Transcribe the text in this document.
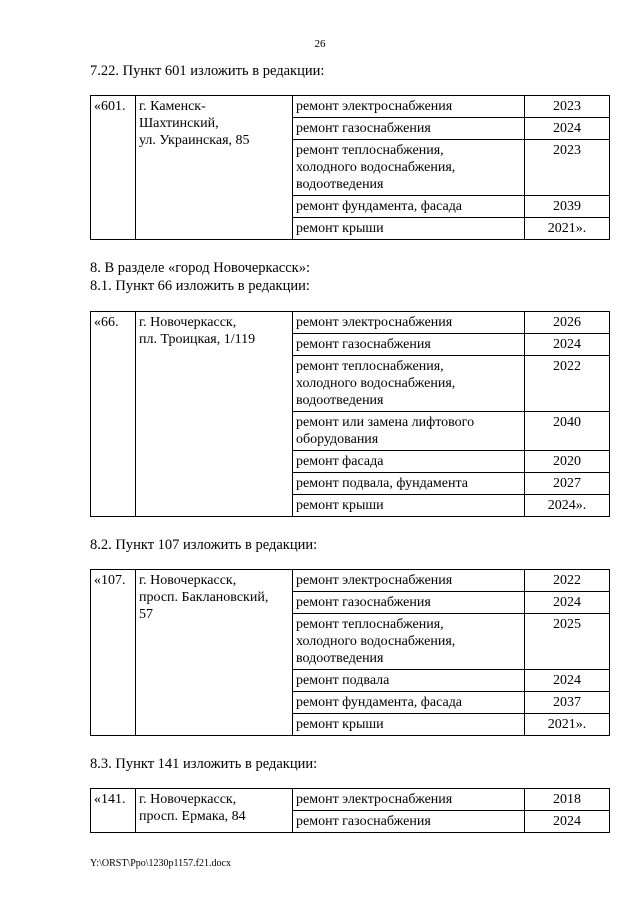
26
7.22. Пункт 601 изложить в редакции:
«601.	г. Каменск-
Шахтинский,
ул. Украинская, 85	ремонт электроснабжения	2023
		ремонт газоснабжения	2024
		ремонт теплоснабжения,
холодного водоснабжения,
водоотведения	2023
		ремонт фундамента, фасада	2039
		ремонт крыши	2021».
8. В разделе «город Новочеркасск»:
8.1. Пункт 66 изложить в редакции:
«66.	г. Новочеркасск,
пл. Троицкая, 1/119	ремонт электроснабжения	2026
		ремонт газоснабжения	2024
		ремонт теплоснабжения,
холодного водоснабжения,
водоотведения	2022
		ремонт или замена лифтового
оборудования	2040
		ремонт фасада	2020
		ремонт подвала, фундамента	2027
		ремонт крыши	2024».
8.2. Пункт 107 изложить в редакции:
«107.	г. Новочеркасск,
просп. Баклановский,
57	ремонт электроснабжения	2022
		ремонт газоснабжения	2024
		ремонт теплоснабжения,
холодного водоснабжения,
водоотведения	2025
		ремонт подвала	2024
		ремонт фундамента, фасада	2037
		ремонт крыши	2021».
8.3. Пункт 141 изложить в редакции:
«141.	г. Новочеркасск,
просп. Ермака, 84	ремонт электроснабжения	2018
		ремонт газоснабжения	2024
Y:\ORST\Ppo\1230p1157.f21.docx
